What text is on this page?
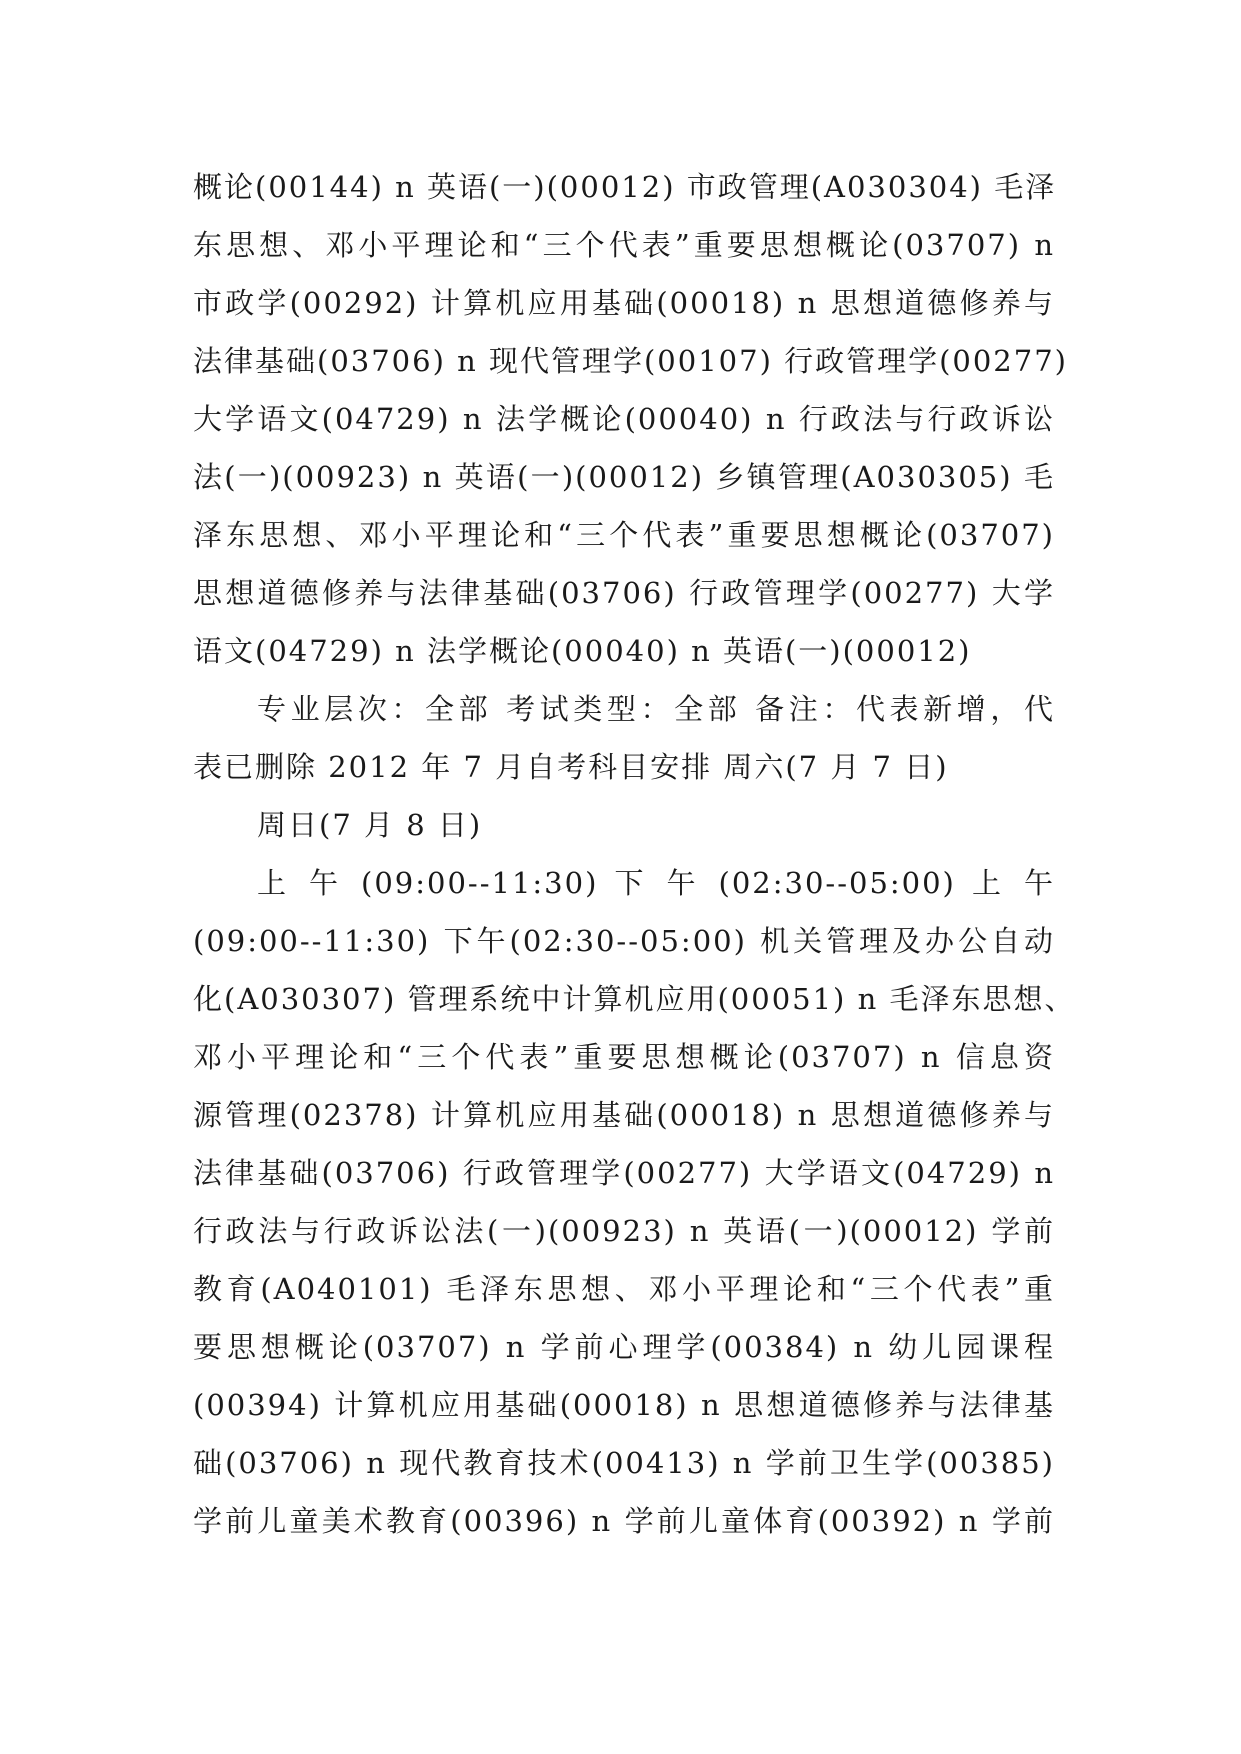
概论(00144) n 英语(一)(00012) 市政管理(A030304) 毛泽
东思想、邓小平理论和“三个代表”重要思想概论(03707) n
市政学(00292) 计算机应用基础(00018) n 思想道德修养与
法律基础(03706) n 现代管理学(00107) 行政管理学(00277)
大学语文(04729) n 法学概论(00040) n 行政法与行政诉讼
法(一)(00923) n 英语(一)(00012) 乡镇管理(A030305) 毛
泽东思想、邓小平理论和“三个代表”重要思想概论(03707)
思想道德修养与法律基础(03706) 行政管理学(00277) 大学
语文(04729) n 法学概论(00040) n 英语(一)(00012)
专业层次：全部 考试类型：全部 备注：代表新增，代
表已删除 2012 年 7 月自考科目安排 周六(7 月 7 日)
周日(7 月 8 日)
上 午 (09:00--11:30) 下 午 (02:30--05:00) 上 午
(09:00--11:30) 下午(02:30--05:00) 机关管理及办公自动
化(A030307) 管理系统中计算机应用(00051) n 毛泽东思想、
邓小平理论和“三个代表”重要思想概论(03707) n 信息资
源管理(02378) 计算机应用基础(00018) n 思想道德修养与
法律基础(03706) 行政管理学(00277) 大学语文(04729) n
行政法与行政诉讼法(一)(00923) n 英语(一)(00012) 学前
教育(A040101) 毛泽东思想、邓小平理论和“三个代表”重
要思想概论(03707) n 学前心理学(00384) n 幼儿园课程
(00394) 计算机应用基础(00018) n 思想道德修养与法律基
础(03706) n 现代教育技术(00413) n 学前卫生学(00385)
学前儿童美术教育(00396) n 学前儿童体育(00392) n 学前
